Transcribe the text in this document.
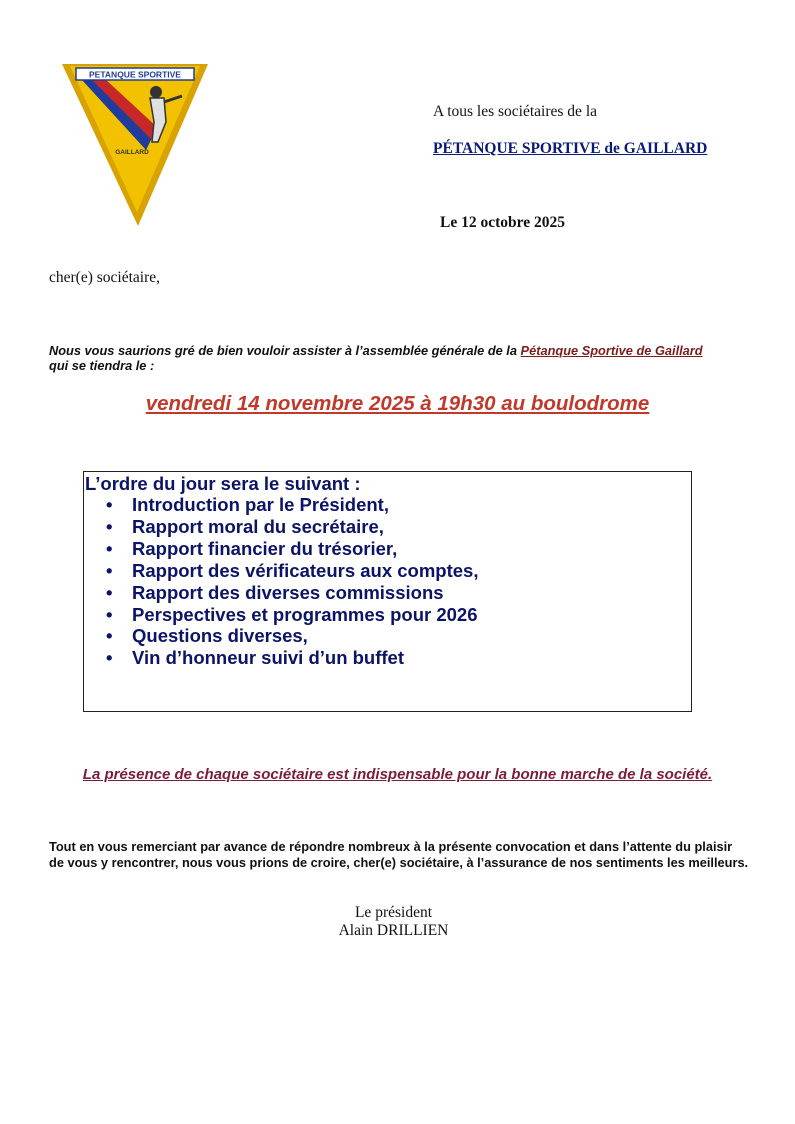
PETANQUE SPORTIVE
GAILLARD
A tous les sociétaires de la
PÉTANQUE SPORTIVE de GAILLARD
Le 12 octobre 2025
cher(e) sociétaire,
Nous vous saurions gré de bien vouloir assister à l’assemblée générale de la Pétanque Sportive de Gaillard
qui se tiendra le :
vendredi 14 novembre 2025 à 19h30 au boulodrome
L’ordre du jour sera le suivant :
• Introduction par le Président,
• Rapport moral du secrétaire,
• Rapport financier du trésorier,
• Rapport des vérificateurs aux comptes,
• Rapport des diverses commissions
• Perspectives et programmes pour 2026
• Questions diverses,
• Vin d’honneur suivi d’un buffet
La présence de chaque sociétaire est indispensable pour la bonne marche de la société.
Tout en vous remerciant par avance de répondre nombreux à la présente convocation et dans l’attente du plaisir de vous y rencontrer, nous vous prions de croire, cher(e) sociétaire, à l’assurance de nos sentiments les meilleurs.
Le président
Alain DRILLIEN
